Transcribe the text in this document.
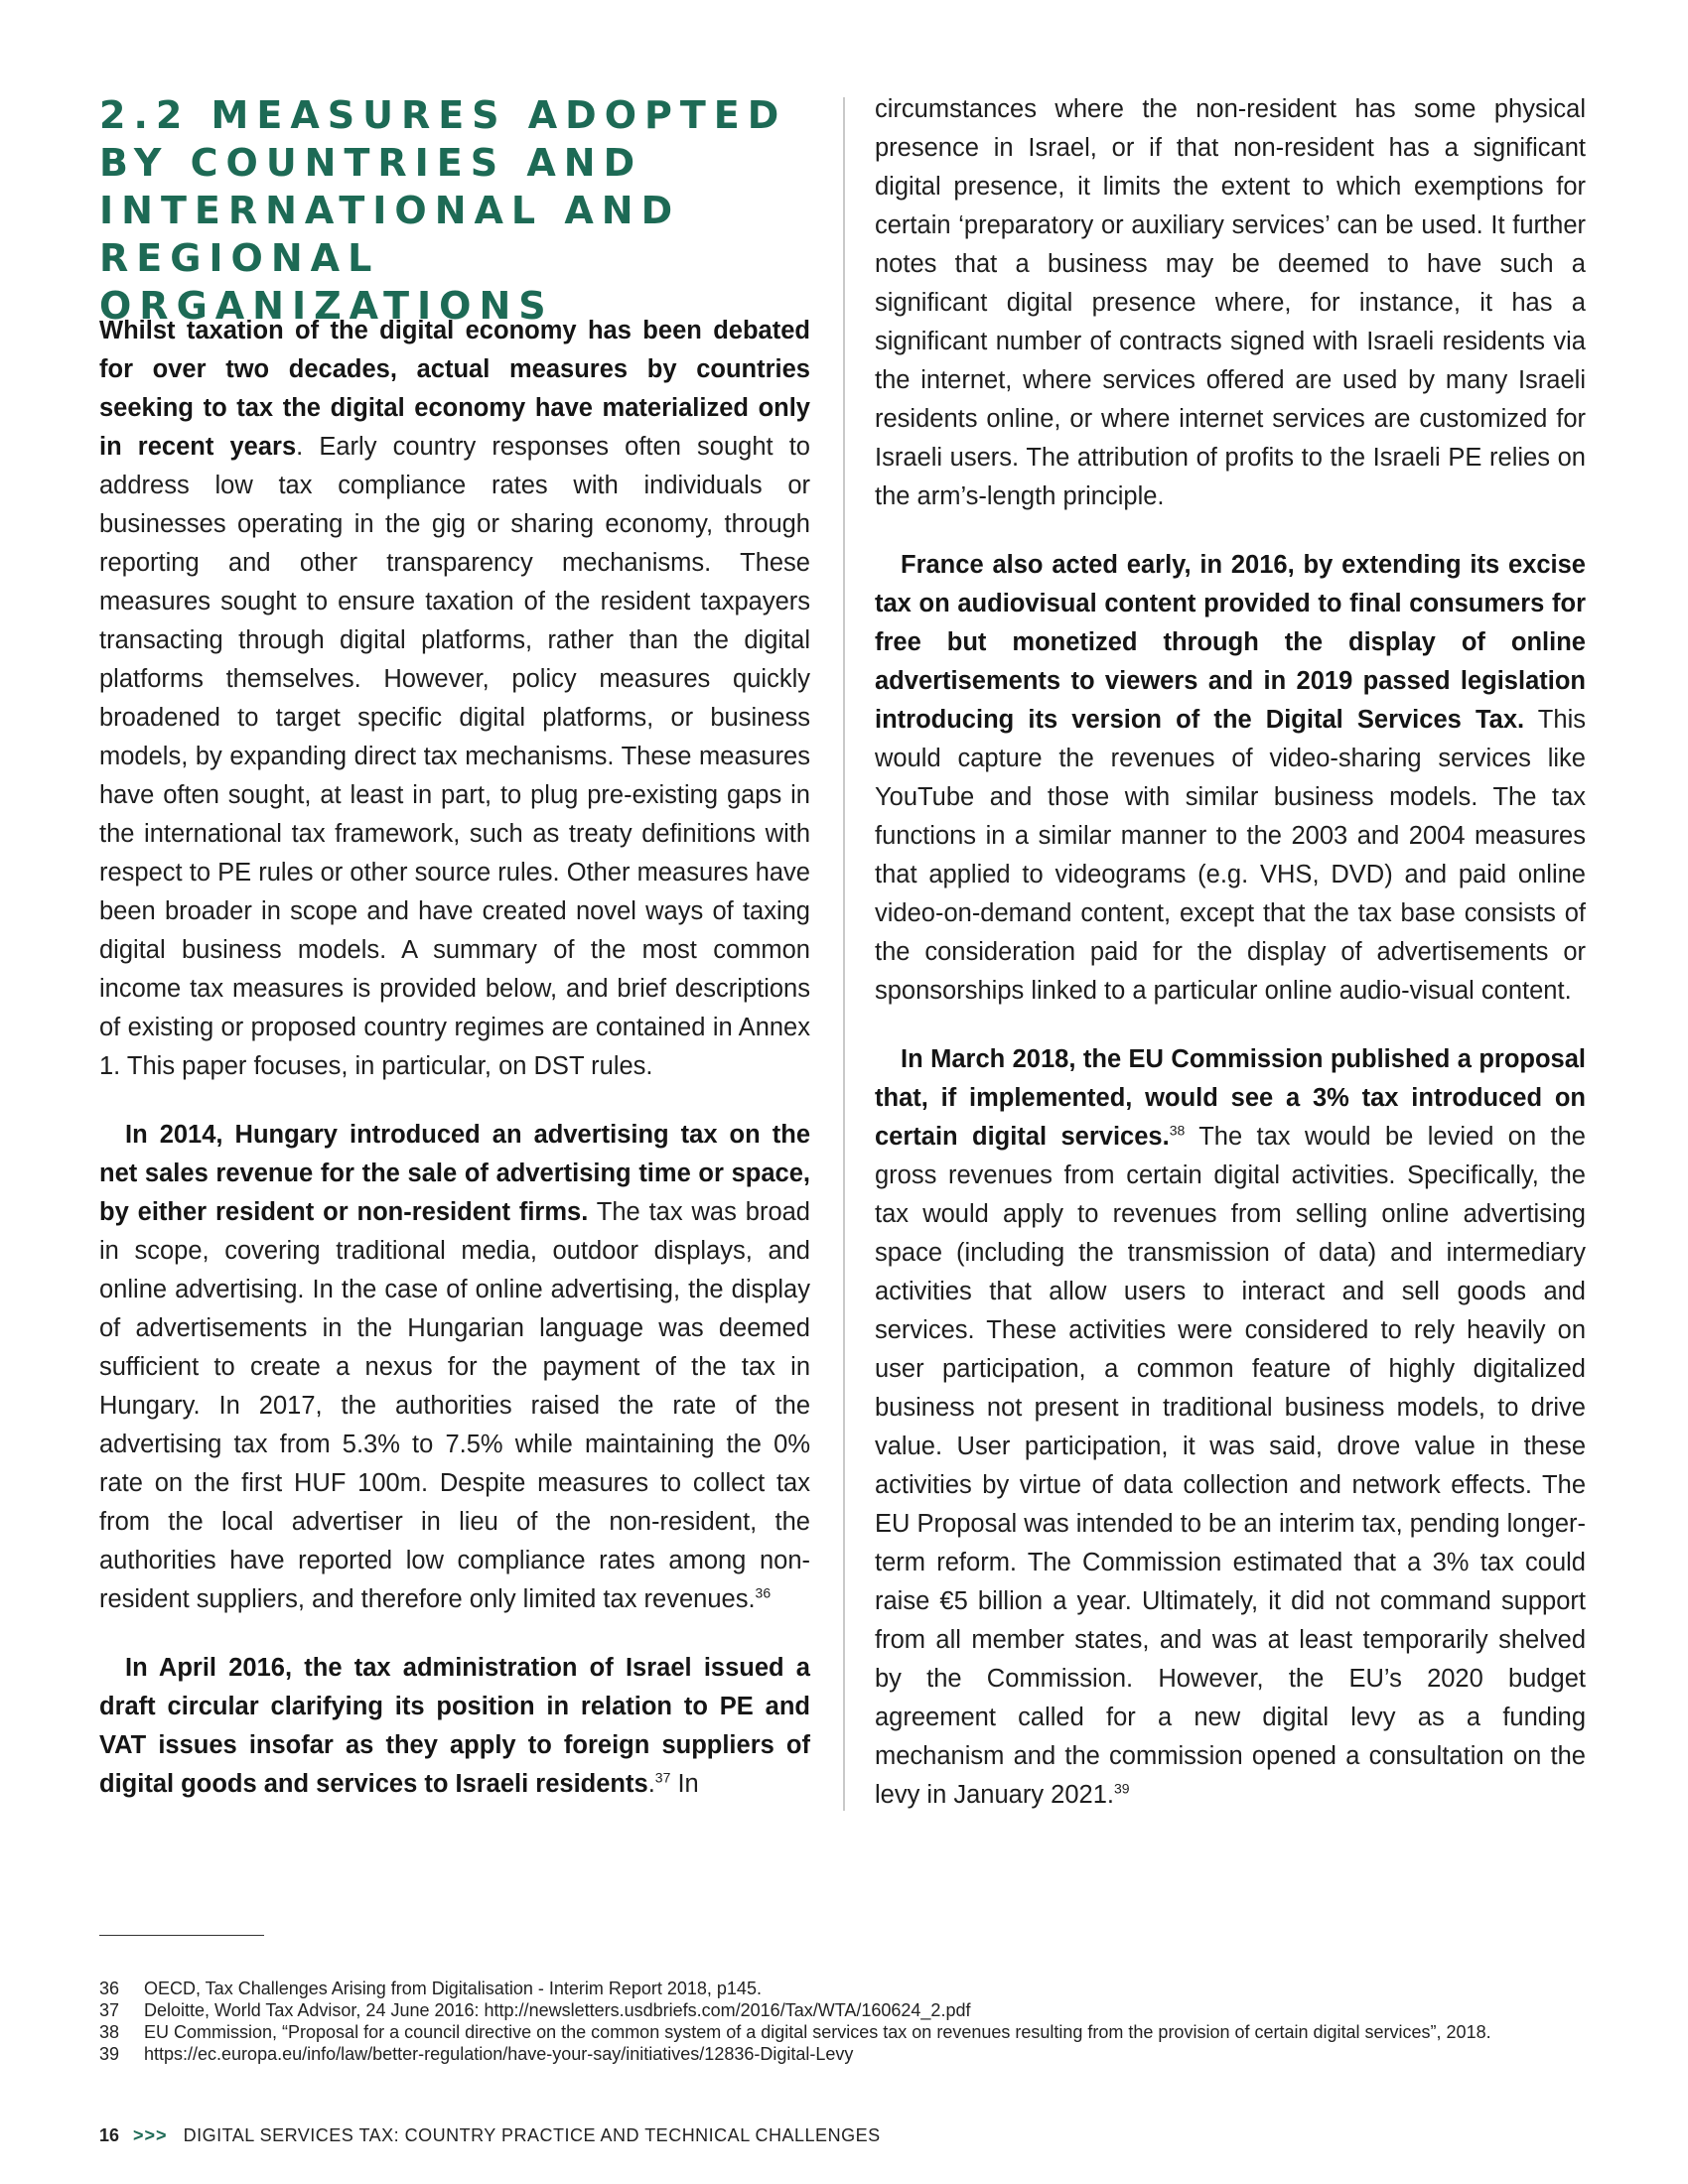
2.2 MEASURES ADOPTED BY COUNTRIES AND INTERNATIONAL AND REGIONAL ORGANIZATIONS

Whilst taxation of the digital economy has been debated for over two decades, actual measures by countries seeking to tax the digital economy have materialized only in recent years. Early country responses often sought to address low tax compliance rates with individuals or businesses operating in the gig or sharing economy, through reporting and other transparency mechanisms. These measures sought to ensure taxation of the resident taxpayers transacting through digital platforms, rather than the digital platforms themselves. However, policy measures quickly broadened to target specific digital platforms, or business models, by expanding direct tax mechanisms. These measures have often sought, at least in part, to plug pre-existing gaps in the international tax framework, such as treaty definitions with respect to PE rules or other source rules. Other measures have been broader in scope and have created novel ways of taxing digital business models. A summary of the most common income tax measures is provided below, and brief descriptions of existing or proposed country regimes are contained in Annex 1. This paper focuses, in particular, on DST rules.

In 2014, Hungary introduced an advertising tax on the net sales revenue for the sale of advertising time or space, by either resident or non-resident firms. The tax was broad in scope, covering traditional media, outdoor displays, and online advertising. In the case of online advertising, the display of advertisements in the Hungarian language was deemed sufficient to create a nexus for the payment of the tax in Hungary. In 2017, the authorities raised the rate of the advertising tax from 5.3% to 7.5% while maintaining the 0% rate on the first HUF 100m. Despite measures to collect tax from the local advertiser in lieu of the non-resident, the authorities have reported low compliance rates among non-resident suppliers, and therefore only limited tax revenues.$^{36}$

In April 2016, the tax administration of Israel issued a draft circular clarifying its position in relation to PE and VAT issues insofar as they apply to foreign suppliers of digital goods and services to Israeli residents.$^{37}$ In

circumstances where the non-resident has some physical presence in Israel, or if that non-resident has a significant digital presence, it limits the extent to which exemptions for certain ‘preparatory or auxiliary services’ can be used. It further notes that a business may be deemed to have such a significant digital presence where, for instance, it has a significant number of contracts signed with Israeli residents via the internet, where services offered are used by many Israeli residents online, or where internet services are customized for Israeli users. The attribution of profits to the Israeli PE relies on the arm’s-length principle.

France also acted early, in 2016, by extending its excise tax on audiovisual content provided to final consumers for free but monetized through the display of online advertisements to viewers and in 2019 passed legislation introducing its version of the Digital Services Tax. This would capture the revenues of video-sharing services like YouTube and those with similar business models. The tax functions in a similar manner to the 2003 and 2004 measures that applied to videograms (e.g. VHS, DVD) and paid online video-on-demand content, except that the tax base consists of the consideration paid for the display of advertisements or sponsorships linked to a particular online audio-visual content.

In March 2018, the EU Commission published a proposal that, if implemented, would see a 3% tax introduced on certain digital services.$^{38}$ The tax would be levied on the gross revenues from certain digital activities. Specifically, the tax would apply to revenues from selling online advertising space (including the transmission of data) and intermediary activities that allow users to interact and sell goods and services. These activities were considered to rely heavily on user participation, a common feature of highly digitalized business not present in traditional business models, to drive value. User participation, it was said, drove value in these activities by virtue of data collection and network effects. The EU Proposal was intended to be an interim tax, pending longer-term reform. The Commission estimated that a 3% tax could raise €5 billion a year. Ultimately, it did not command support from all member states, and was at least temporarily shelved by the Commission. However, the EU’s 2020 budget agreement called for a new digital levy as a funding mechanism and the commission opened a consultation on the levy in January 2021.39

36	OECD, Tax Challenges Arising from Digitalisation - Interim Report 2018, p145.
37	Deloitte, World Tax Advisor, 24 June 2016: http://newsletters.usdbriefs.com/2016/Tax/WTA/160624_2.pdf
38	EU Commission, “Proposal for a council directive on the common system of a digital services tax on revenues resulting from the provision of certain digital services”, 2018.
39	https://ec.europa.eu/info/law/better-regulation/have-your-say/initiatives/12836-Digital-Levy
16 >>> DIGITAL SERVICES TAX: COUNTRY PRACTICE AND TECHNICAL CHALLENGES
